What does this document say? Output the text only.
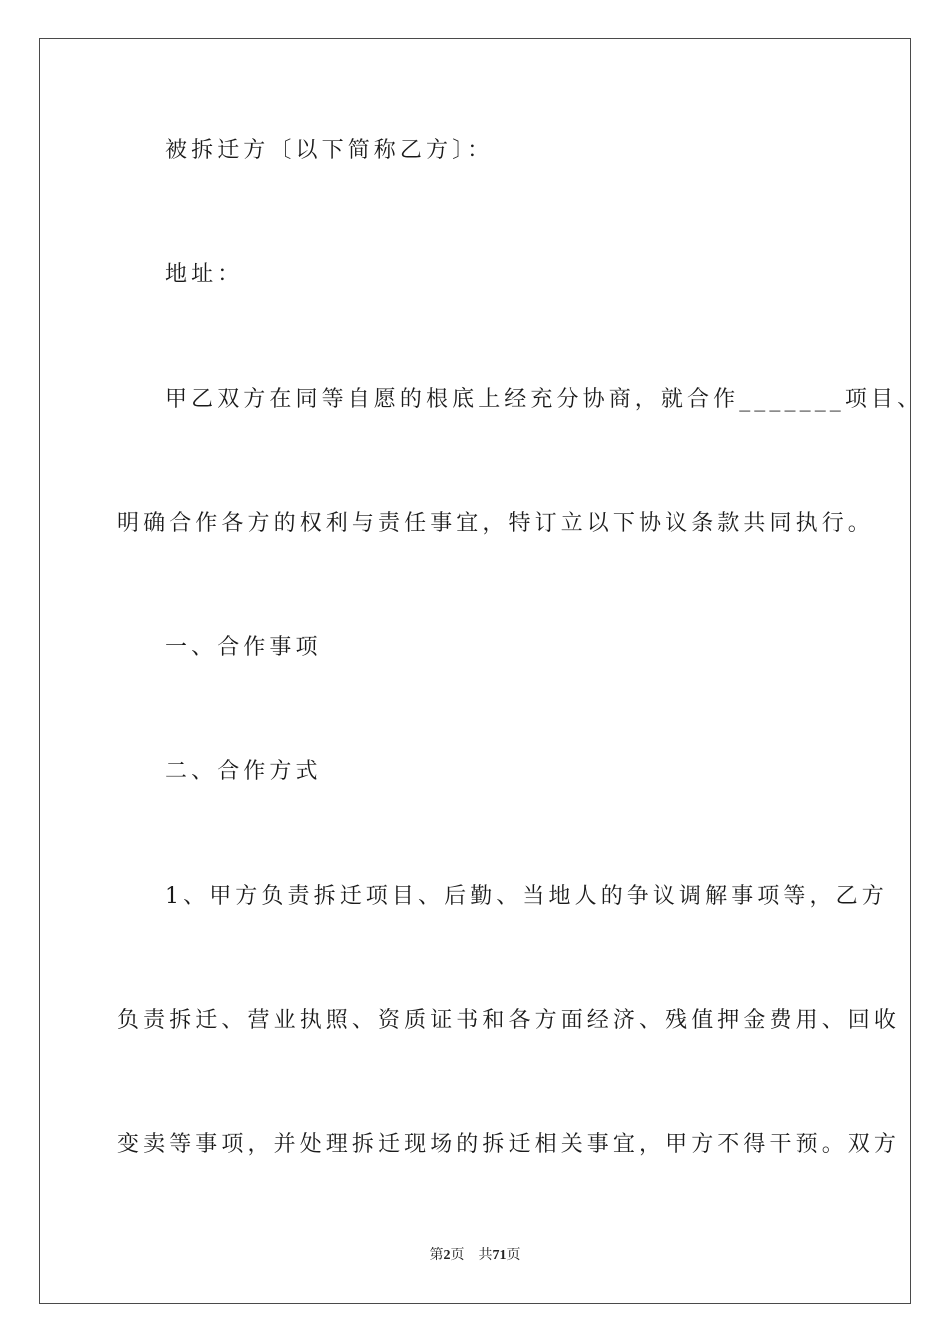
被拆迁方〔以下简称乙方〕：
地址：
甲乙双方在同等自愿的根底上经充分协商，就合作_______项目、
明确合作各方的权利与责任事宜，特订立以下协议条款共同执行。
一、合作事项
二、合作方式
1、甲方负责拆迁项目、后勤、当地人的争议调解事项等，乙方
负责拆迁、营业执照、资质证书和各方面经济、残值押金费用、回收
变卖等事项，并处理拆迁现场的拆迁相关事宜，甲方不得干预。双方
第2页 共71页
